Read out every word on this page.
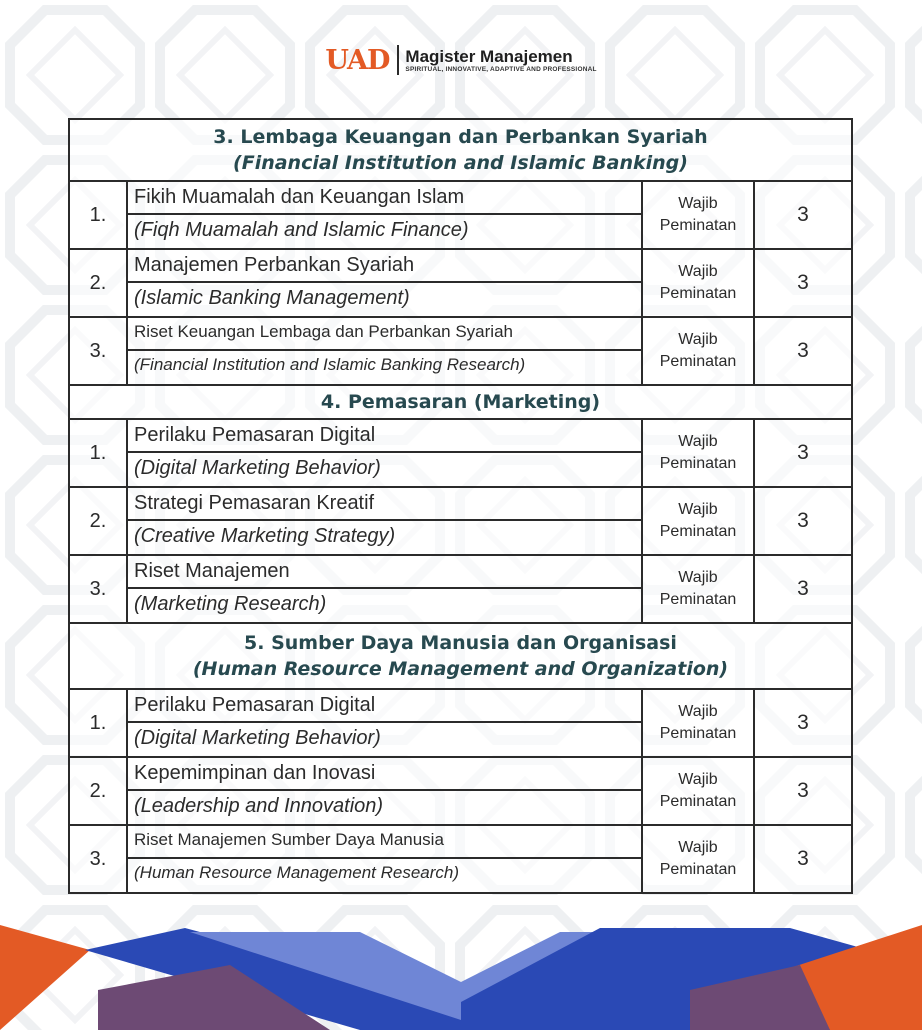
UAD Magister Manajemen
SPIRITUAL, INNOVATIVE, ADAPTIVE AND PROFESSIONAL
3. Lembaga Keuangan dan Perbankan Syariah
(Financial Institution and Islamic Banking)			

1.	Fikih Muamalah dan Keuangan Islam
(Fiqh Muamalah and Islamic Finance)	Wajib Peminatan	3
2.	Manajemen Perbankan Syariah
(Islamic Banking Management)	Wajib Peminatan	3
3.	Riset Keuangan Lembaga dan Perbankan Syariah
(Financial Institution and Islamic Banking Research)	Wajib Peminatan	3

4. Pemasaran (Marketing)			

1.	Perilaku Pemasaran Digital
(Digital Marketing Behavior)	Wajib Peminatan	3
2.	Strategi Pemasaran Kreatif
(Creative Marketing Strategy)	Wajib Peminatan	3
3.	Riset Manajemen
(Marketing Research)	Wajib Peminatan	3

5. Sumber Daya Manusia dan Organisasi
(Human Resource Management and Organization)			

1.	Perilaku Pemasaran Digital
(Digital Marketing Behavior)	Wajib Peminatan	3
2.	Kepemimpinan dan Inovasi
(Leadership and Innovation)	Wajib Peminatan	3
3.	Riset Manajemen Sumber Daya Manusia
(Human Resource Management Research)	Wajib Peminatan	3
